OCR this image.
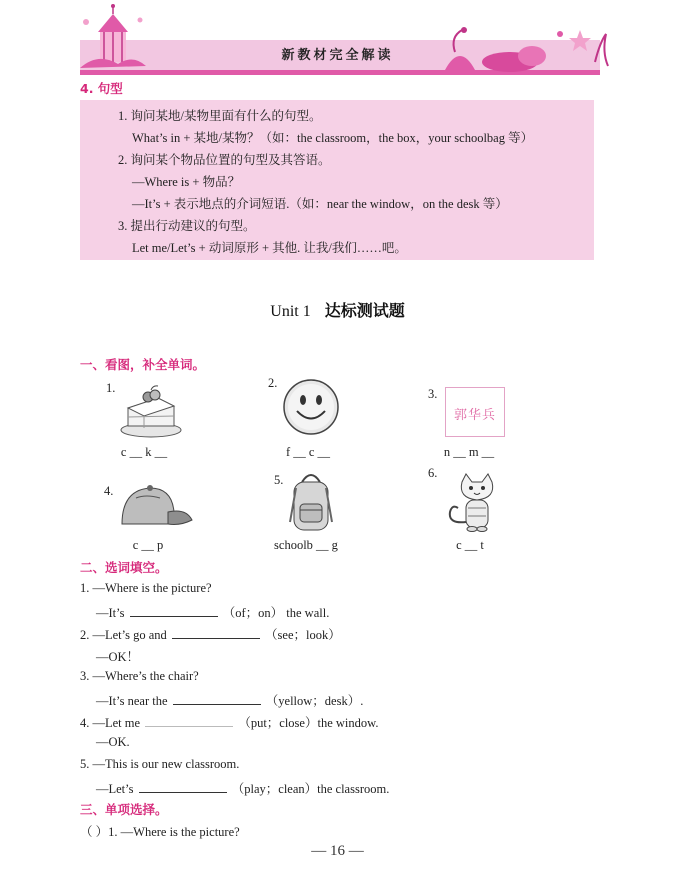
新教材完全解读
4. 句型
1. 询问某地/某物里面有什么的句型。
What’s in + 某地/某物？（如：the classroom，the box，your schoolbag 等）
2. 询问某个物品位置的句型及其答语。
—Where is + 物品？
—It’s + 表示地点的介词短语.（如：near the window，on the desk 等）
3. 提出行动建议的句型。
Let me/Let’s + 动词原形 + 其他. 让我/我们……吧。
Unit 1 达标测试题
一、看图，补全单词。
1.
c __ k __
2.
f __ c __
3.
郭华兵
n __ m __
4.
c __ p
5.
schoolb __ g
6.
c __ t
二、选词填空。
1. —Where is the picture?
—It’s	（of；on） the wall.
2. —Let’s go and	（see；look）
—OK！
3. —Where’s the chair?
—It’s near the	（yellow；desk）.
4. —Let me	（put；close）the window.
—OK.
5. —This is our new classroom.
—Let’s	（play；clean）the classroom.
三、单项选择。
（ ）1. —Where is the picture?
— 16 —
